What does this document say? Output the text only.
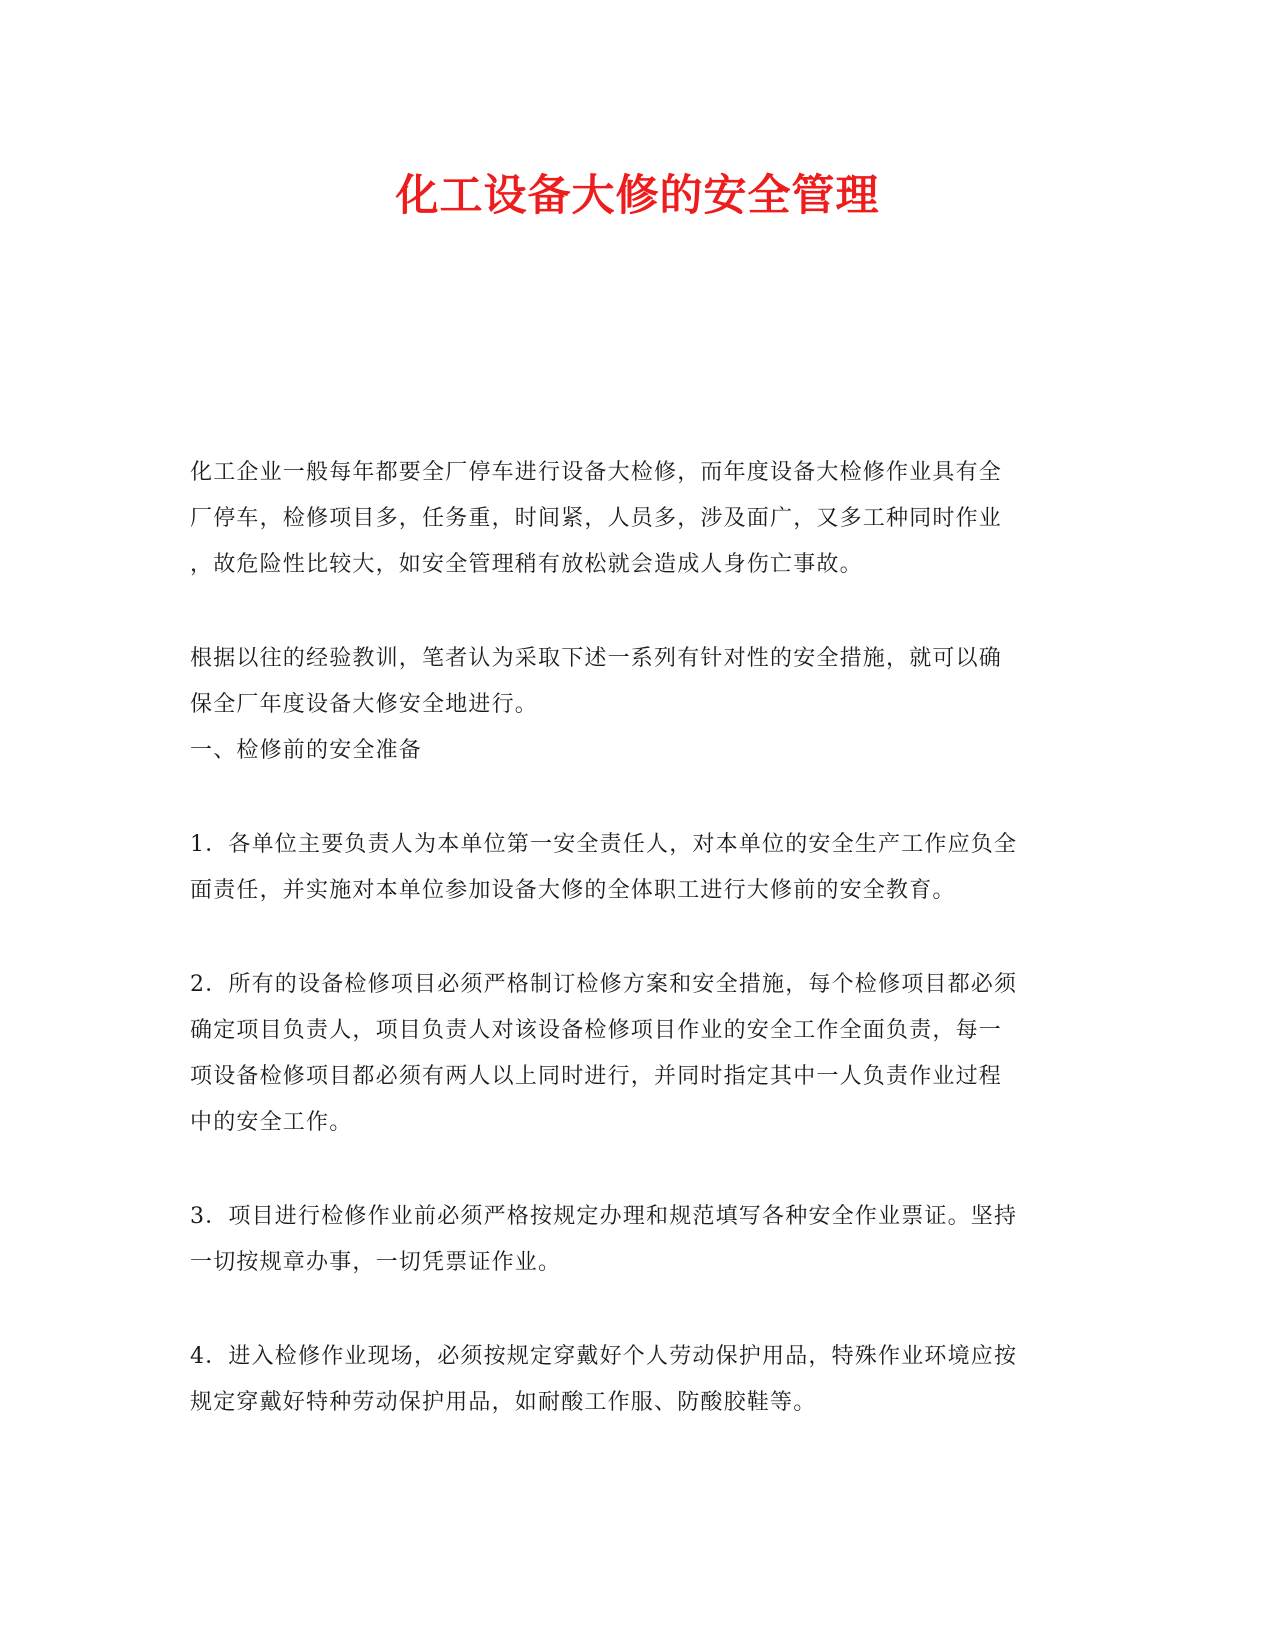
化工设备大修的安全管理

化工企业一般每年都要全厂停车进行设备大检修，而年度设备大检修作业具有全

厂停车，检修项目多，任务重，时间紧，人员多，涉及面广，又多工种同时作业

，故危险性比较大，如安全管理稍有放松就会造成人身伤亡事故。

根据以往的经验教训，笔者认为采取下述一系列有针对性的安全措施，就可以确

保全厂年度设备大修安全地进行。

一、检修前的安全准备

1．各单位主要负责人为本单位第一安全责任人，对本单位的安全生产工作应负全

面责任，并实施对本单位参加设备大修的全体职工进行大修前的安全教育。

2．所有的设备检修项目必须严格制订检修方案和安全措施，每个检修项目都必须

确定项目负责人，项目负责人对该设备检修项目作业的安全工作全面负责，每一

项设备检修项目都必须有两人以上同时进行，并同时指定其中一人负责作业过程

中的安全工作。

3．项目进行检修作业前必须严格按规定办理和规范填写各种安全作业票证。坚持

一切按规章办事，一切凭票证作业。

4．进入检修作业现场，必须按规定穿戴好个人劳动保护用品，特殊作业环境应按

规定穿戴好特种劳动保护用品，如耐酸工作服、防酸胶鞋等。
